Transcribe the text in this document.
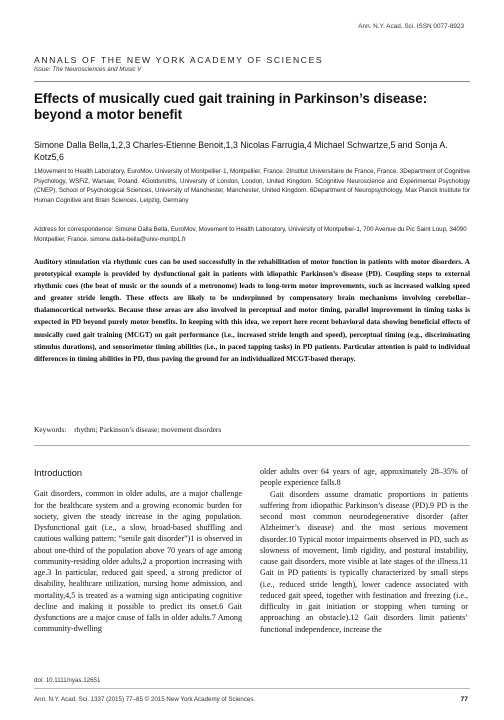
Ann. N.Y. Acad. Sci. ISSN 0077-8923

ANNALS OF THE NEW YORK ACADEMY OF SCIENCES

Issue: The Neurosciences and Music V

Effects of musically cued gait training in Parkinson’s disease: beyond a motor benefit

Simone Dalla Bella,1,2,3 Charles-Etienne Benoit,1,3 Nicolas Farrugia,4 Michael Schwartze,5 and Sonja A. Kotz5,6

1Movement to Health Laboratory, EuroMov, University of Montpellier-1, Montpellier, France. 2Institut Universitaire de France, France. 3Department of Cognitive Psychology, WSFiZ, Warsaw, Poland. 4Goldsmiths, University of London, London, United Kingdom. 5Cognitive Neuroscience and Experimental Psychology (CNEP), School of Psychological Sciences, University of Manchester, Manchester, United Kingdom. 6Department of Neuropsychology, Max Planck Institute for Human Cognitive and Brain Sciences, Leipzig, Germany

Address for correspondence: Simone Dalla Bella, EuroMov, Movement to Health Laboratory, University of Montpellier-1, 700 Avenue du Pic Saint Loup, 34090 Montpellier, France. simone.dalla-bella@univ-montp1.fr

Auditory stimulation via rhythmic cues can be used successfully in the rehabilitation of motor function in patients with motor disorders. A prototypical example is provided by dysfunctional gait in patients with idiopathic Parkinson’s disease (PD). Coupling steps to external rhythmic cues (the beat of music or the sounds of a metronome) leads to long-term motor improvements, such as increased walking speed and greater stride length. These effects are likely to be underpinned by compensatory brain mechanisms involving cerebellar–thalamocortical networks. Because these areas are also involved in perceptual and motor timing, parallel improvement in timing tasks is expected in PD beyond purely motor benefits. In keeping with this idea, we report here recent behavioral data showing beneficial effects of musically cued gait training (MCGT) on gait performance (i.e., increased stride length and speed), perceptual timing (e.g., discriminating stimulus durations), and sensorimotor timing abilities (i.e., in paced tapping tasks) in PD patients. Particular attention is paid to individual differences in timing abilities in PD, thus paving the ground for an individualized MCGT-based therapy.

Keywords: rhythm; Parkinson’s disease; movement disorders

Introduction

Gait disorders, common in older adults, are a major challenge for the healthcare system and a growing economic burden for society, given the steady increase in the aging population. Dysfunctional gait (i.e., a slow, broad-based shuffling and cautious walking pattern; “senile gait disorder”)1 is observed in about one-third of the population above 70 years of age among community-residing older adults,2 a proportion increasing with age.3 In particular, reduced gait speed, a strong predictor of disability, healthcare utilization, nursing home admission, and mortality,4,5 is treated as a warning sign anticipating cognitive decline and making it possible to predict its onset.6 Gait dysfunctions are a major cause of falls in older adults.7 Among community-dwelling

older adults over 64 years of age, approximately 28–35% of people experience falls.8

Gait disorders assume dramatic proportions in patients suffering from idiopathic Parkinson’s disease (PD).9 PD is the second most common neurodegenerative disorder (after Alzheimer’s disease) and the most serious movement disorder.10 Typical motor impairments observed in PD, such as slowness of movement, limb rigidity, and postural instability, cause gait disorders, more visible at late stages of the illness.11 Gait in PD patients is typically characterized by small steps (i.e., reduced stride length), lower cadence associated with reduced gait speed, together with festination and freezing (i.e., difficulty in gait initiation or stopping when turning or approaching an obstacle).12 Gait disorders limit patients’ functional independence, increase the

doi: 10.1111/nyas.12651
Ann. N.Y. Acad. Sci. 1337 (2015) 77–85 © 2015 New York Academy of Sciences.	77
